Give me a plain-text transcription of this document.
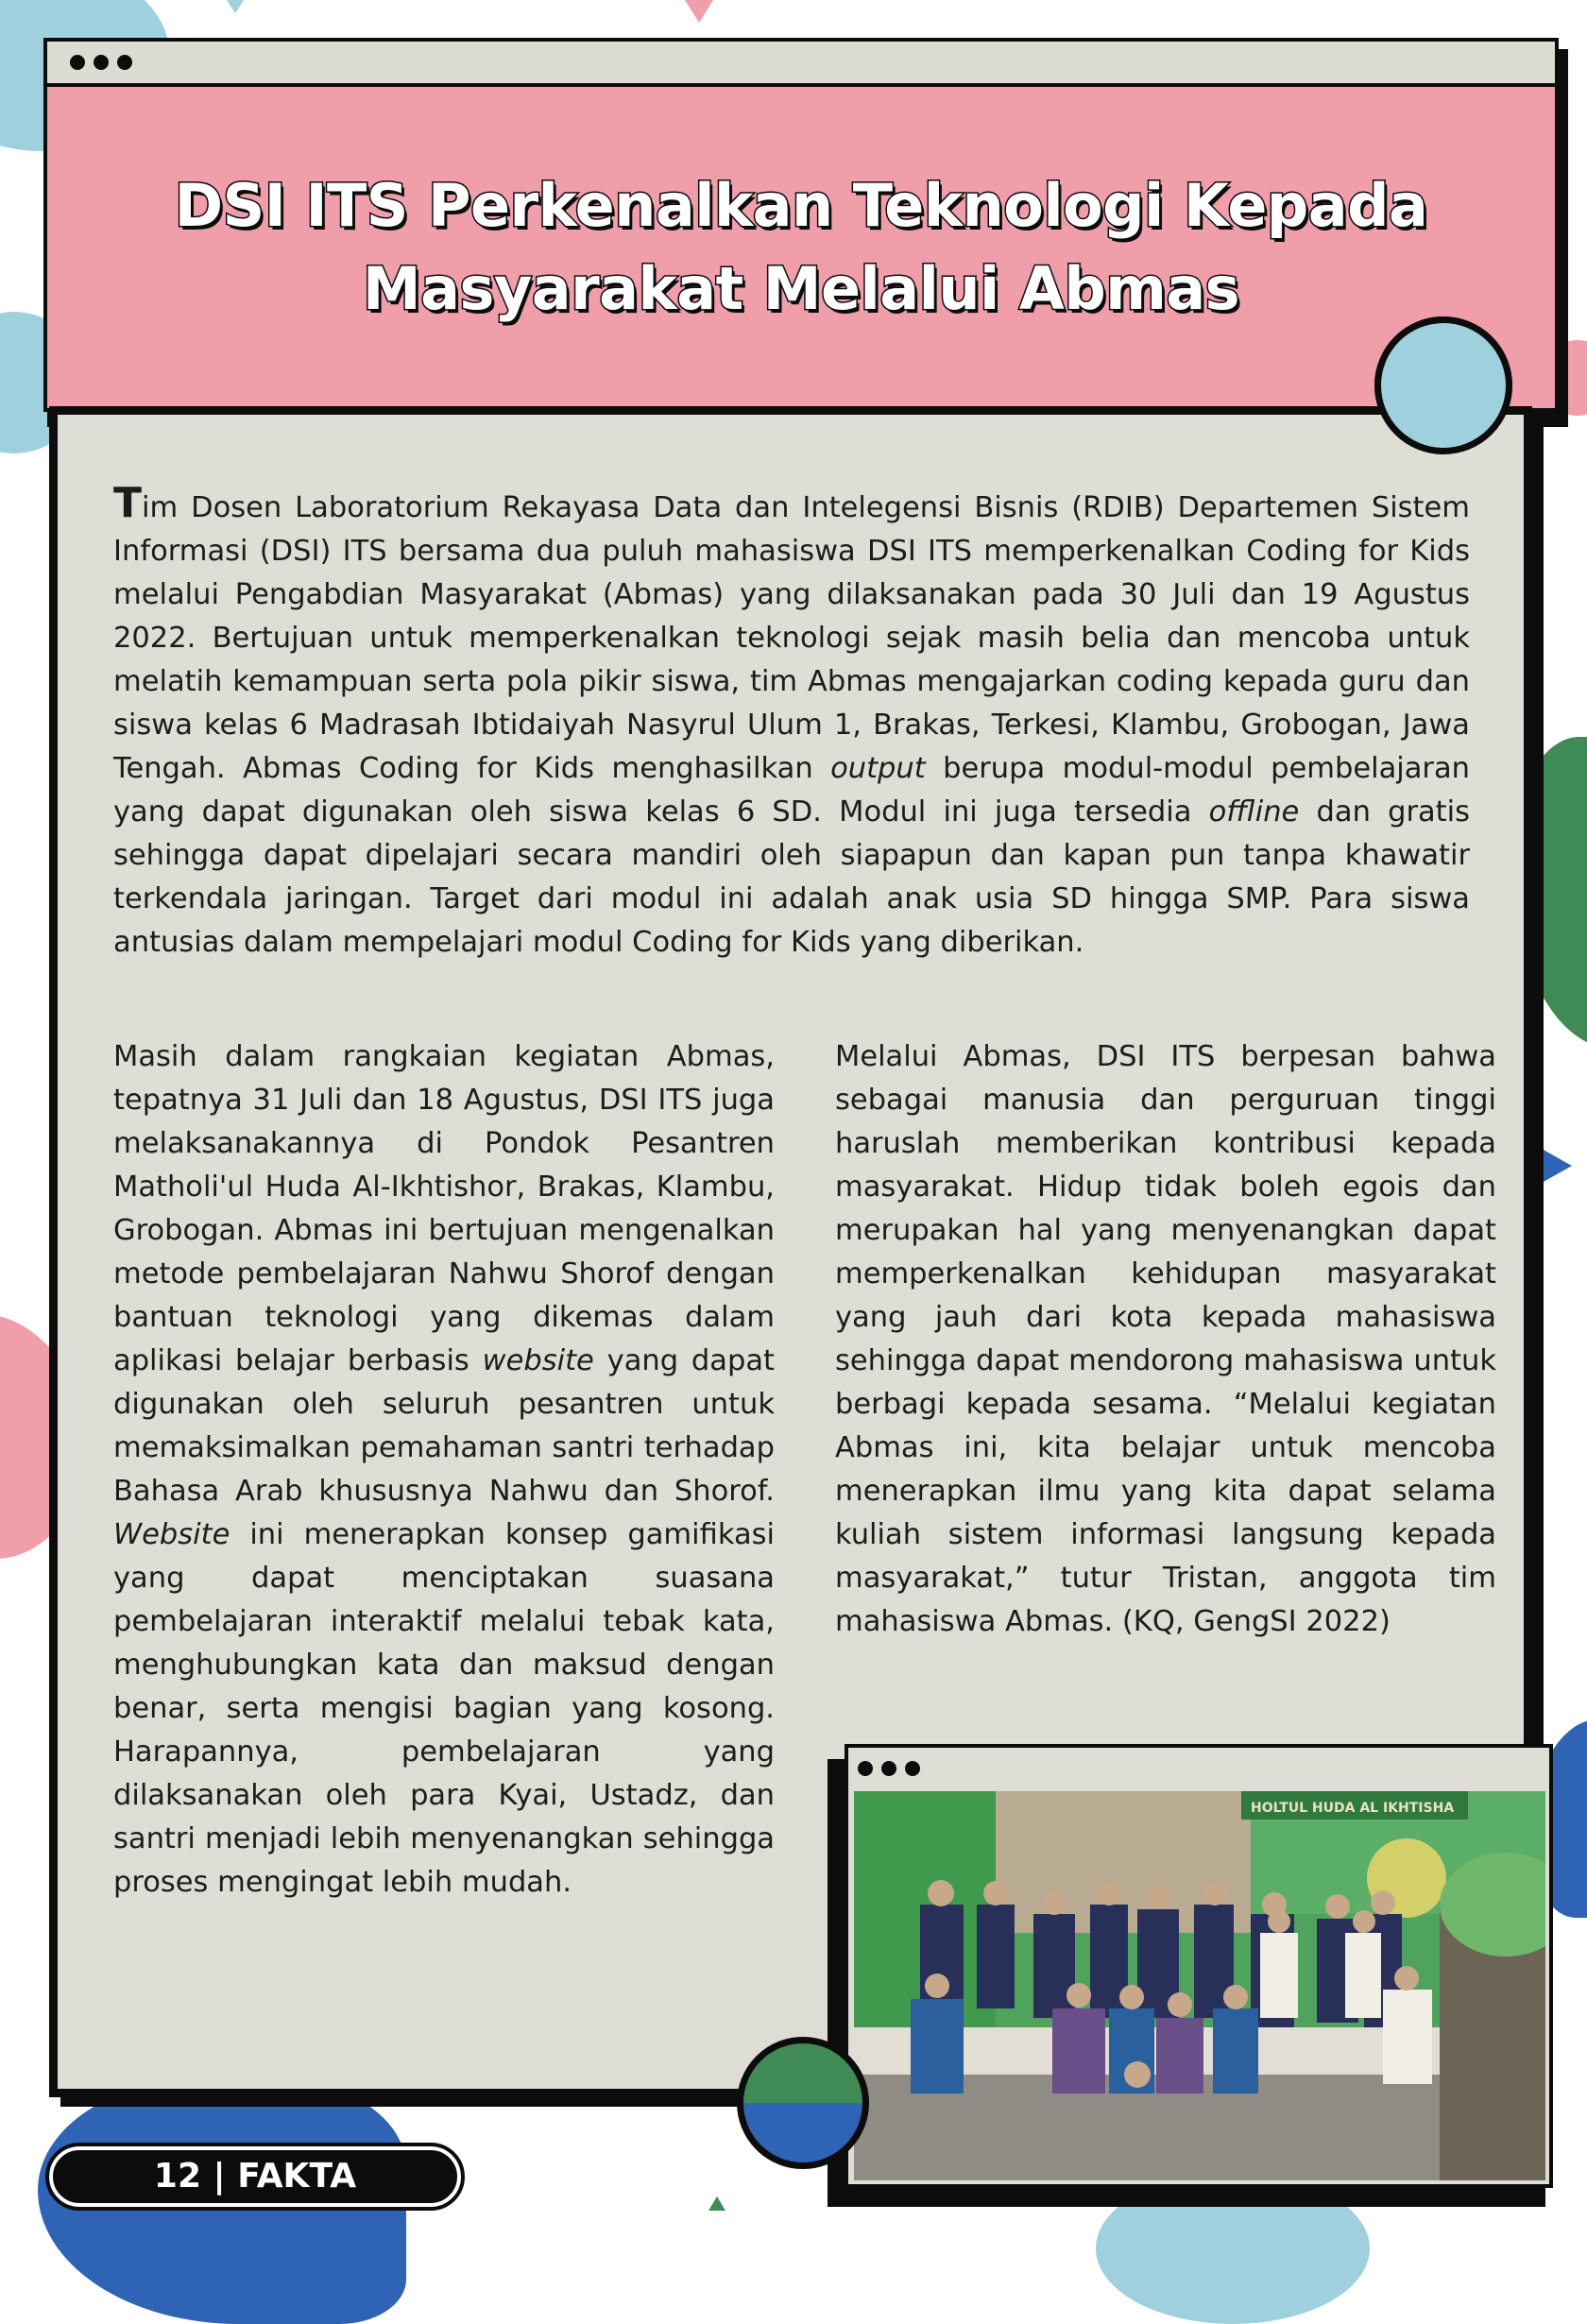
DSI ITS Perkenalkan Teknologi Kepada Masyarakat Melalui Abmas

Tim Dosen Laboratorium Rekayasa Data dan Intelegensi Bisnis (RDIB) Departemen Sistem Informasi (DSI) ITS bersama dua puluh mahasiswa DSI ITS memperkenalkan Coding for Kids melalui Pengabdian Masyarakat (Abmas) yang dilaksanakan pada 30 Juli dan 19 Agustus 2022. Bertujuan untuk memperkenalkan teknologi sejak masih belia dan mencoba untuk melatih kemampuan serta pola pikir siswa, tim Abmas mengajarkan coding kepada guru dan siswa kelas 6 Madrasah Ibtidaiyah Nasyrul Ulum 1, Brakas, Terkesi, Klambu, Grobogan, Jawa Tengah. Abmas Coding for Kids menghasilkan output berupa modul-modul pembelajaran yang dapat digunakan oleh siswa kelas 6 SD. Modul ini juga tersedia offline dan gratis sehingga dapat dipelajari secara mandiri oleh siapapun dan kapan pun tanpa khawatir terkendala jaringan. Target dari modul ini adalah anak usia SD hingga SMP. Para siswa antusias dalam mempelajari modul Coding for Kids yang diberikan.

Masih dalam rangkaian kegiatan Abmas, tepatnya 31 Juli dan 18 Agustus, DSI ITS juga melaksanakannya di Pondok Pesantren Matholi'ul Huda Al-Ikhtishor, Brakas, Klambu, Grobogan. Abmas ini bertujuan mengenalkan metode pembelajaran Nahwu Shorof dengan bantuan teknologi yang dikemas dalam aplikasi belajar berbasis website yang dapat digunakan oleh seluruh pesantren untuk memaksimalkan pemahaman santri terhadap Bahasa Arab khususnya Nahwu dan Shorof. Website ini menerapkan konsep gamifikasi yang dapat menciptakan suasana pembelajaran interaktif melalui tebak kata, menghubungkan kata dan maksud dengan benar, serta mengisi bagian yang kosong. Harapannya, pembelajaran yang dilaksanakan oleh para Kyai, Ustadz, dan santri menjadi lebih menyenangkan sehingga proses mengingat lebih mudah.

Melalui Abmas, DSI ITS berpesan bahwa sebagai manusia dan perguruan tinggi haruslah memberikan kontribusi kepada masyarakat. Hidup tidak boleh egois dan merupakan hal yang menyenangkan dapat memperkenalkan kehidupan masyarakat yang jauh dari kota kepada mahasiswa sehingga dapat mendorong mahasiswa untuk berbagi kepada sesama. “Melalui kegiatan Abmas ini, kita belajar untuk mencoba menerapkan ilmu yang kita dapat selama kuliah sistem informasi langsung kepada masyarakat,” tutur Tristan, anggota tim mahasiswa Abmas. (KQ, GengSI 2022)

HOLTUL HUDA AL IKHTISHA
12 | FAKTA
